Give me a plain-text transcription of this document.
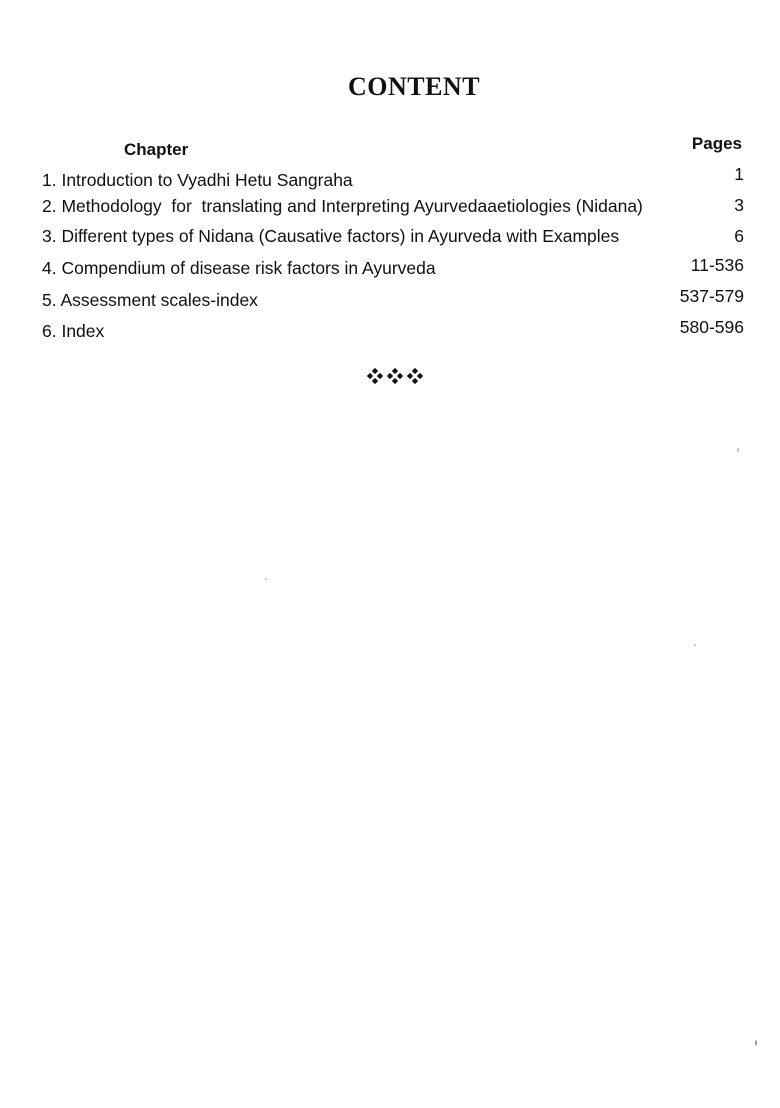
CONTENT
Chapter	Pages
1. Introduction to Vyadhi Hetu Sangraha	1
2. Methodology  for  translating and Interpreting Ayurvedaaetiologies (Nidana)	3
3. Different types of Nidana (Causative factors) in Ayurveda with Examples	6
4. Compendium of disease risk factors in Ayurveda	11-536
5. Assessment scales-index	537-579
6. Index	580-596
